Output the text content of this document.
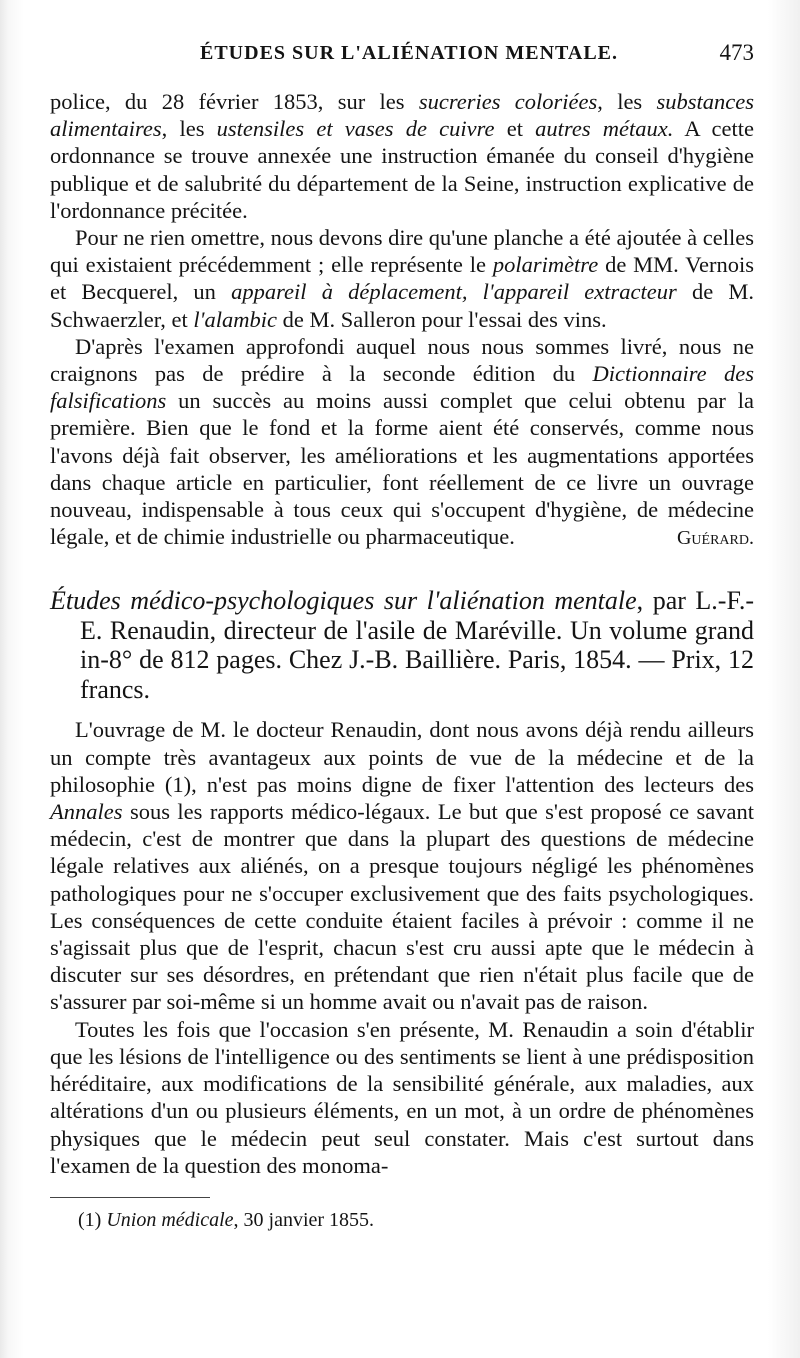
ÉTUDES SUR L'ALIÉNATION MENTALE.	473

police, du 28 février 1853, sur les sucreries coloriées, les substances alimentaires, les ustensiles et vases de cuivre et autres métaux. A cette ordonnance se trouve annexée une instruction émanée du conseil d'hygiène publique et de salubrité du département de la Seine, instruction explicative de l'ordonnance précitée.

Pour ne rien omettre, nous devons dire qu'une planche a été ajoutée à celles qui existaient précédemment ; elle représente le polarimètre de MM. Vernois et Becquerel, un appareil à déplacement, l'appareil extracteur de M. Schwaerzler, et l'alambic de M. Salleron pour l'essai des vins.

D'après l'examen approfondi auquel nous nous sommes livré, nous ne craignons pas de prédire à la seconde édition du Dictionnaire des falsifications un succès au moins aussi complet que celui obtenu par la première. Bien que le fond et la forme aient été conservés, comme nous l'avons déjà fait observer, les améliorations et les augmentations apportées dans chaque article en particulier, font réellement de ce livre un ouvrage nouveau, indispensable à tous ceux qui s'occupent d'hygiène, de médecine légale, et de chimie industrielle ou pharmaceutique.	Guérard.

Études médico-psychologiques sur l'aliénation mentale, par L.-F.-E. Renaudin, directeur de l'asile de Maréville. Un volume grand in-8° de 812 pages. Chez J.-B. Baillière. Paris, 1854. — Prix, 12 francs.

L'ouvrage de M. le docteur Renaudin, dont nous avons déjà rendu ailleurs un compte très avantageux aux points de vue de la médecine et de la philosophie (1), n'est pas moins digne de fixer l'attention des lecteurs des Annales sous les rapports médico-légaux. Le but que s'est proposé ce savant médecin, c'est de montrer que dans la plupart des questions de médecine légale relatives aux aliénés, on a presque toujours négligé les phénomènes pathologiques pour ne s'occuper exclusivement que des faits psychologiques. Les conséquences de cette conduite étaient faciles à prévoir : comme il ne s'agissait plus que de l'esprit, chacun s'est cru aussi apte que le médecin à discuter sur ses désordres, en prétendant que rien n'était plus facile que de s'assurer par soi-même si un homme avait ou n'avait pas de raison.

Toutes les fois que l'occasion s'en présente, M. Renaudin a soin d'établir que les lésions de l'intelligence ou des sentiments se lient à une prédisposition héréditaire, aux modifications de la sensibilité générale, aux maladies, aux altérations d'un ou plusieurs éléments, en un mot, à un ordre de phénomènes physiques que le médecin peut seul constater. Mais c'est surtout dans l'examen de la question des monoma-

(1) Union médicale, 30 janvier 1855.
